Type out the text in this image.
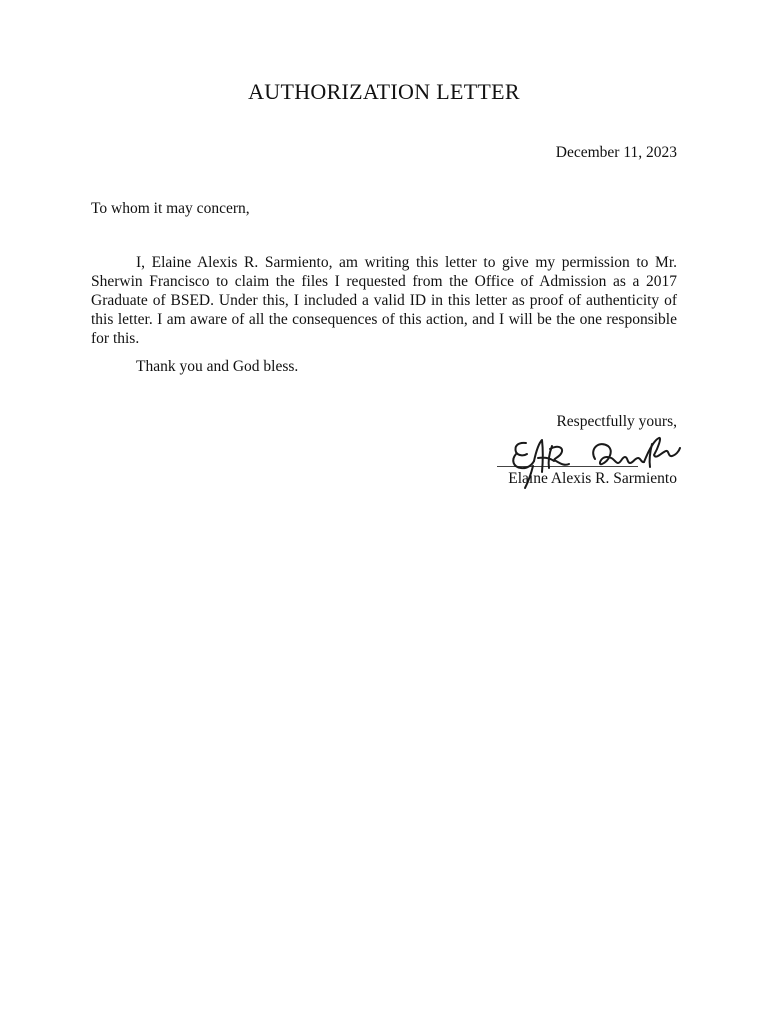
AUTHORIZATION LETTER
December 11, 2023
To whom it may concern,

I, Elaine Alexis R. Sarmiento, am writing this letter to give my permission to Mr. Sherwin Francisco to claim the files I requested from the Office of Admission as a 2017 Graduate of BSED. Under this, I included a valid ID in this letter as proof of authenticity of this letter. I am aware of all the consequences of this action, and I will be the one responsible for this.

Thank you and God bless.
Respectfully yours,
Elaine Alexis R. Sarmiento
